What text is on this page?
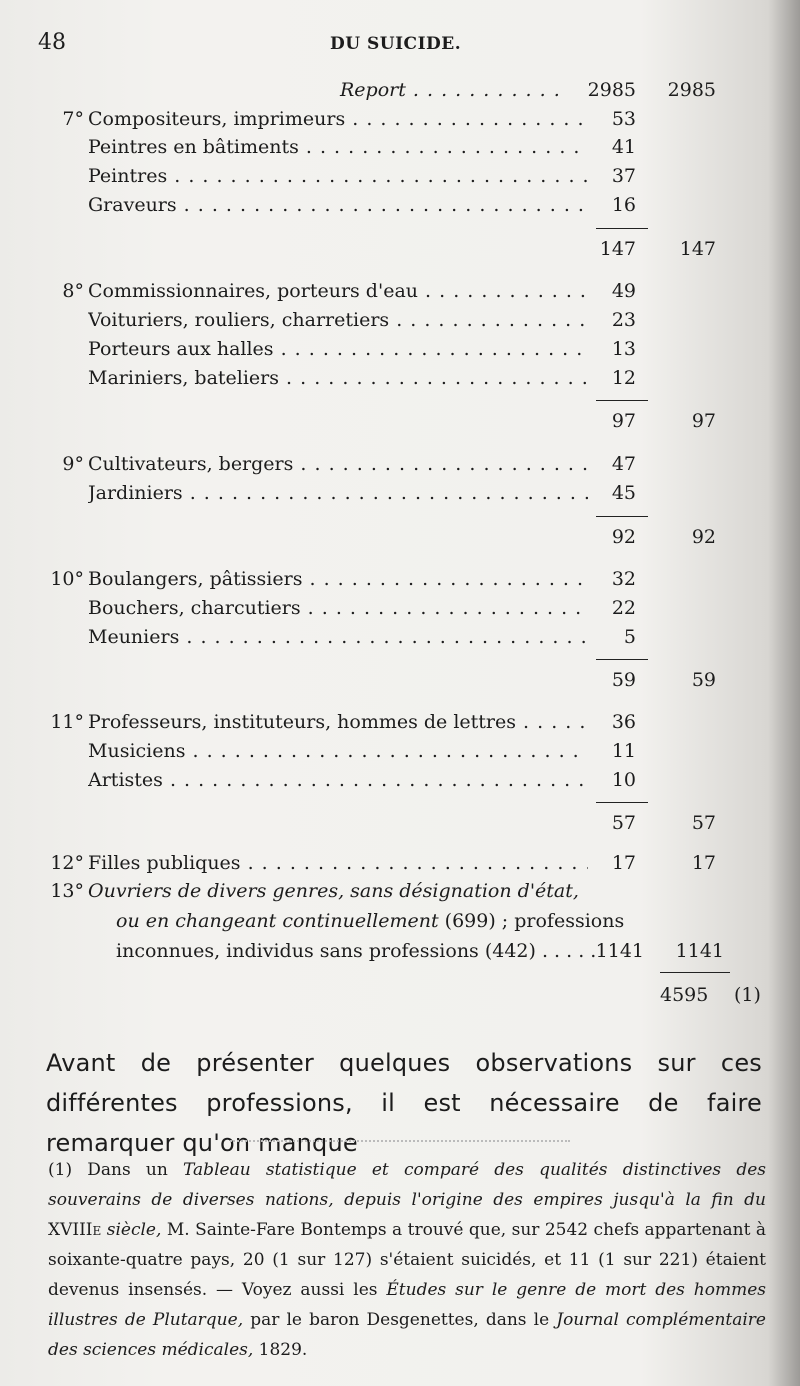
48	DU SUICIDE.
Report . . .	2985	2985
7° Compositeurs, imprimeurs . . .	53
Peintres en bâtiments . . .	41
Peintres . . .	37
Graveurs . . .	16
147	147
8° Commissionnaires, porteurs d'eau . . .	49
Voituriers, rouliers, charretiers . . .	23
Porteurs aux halles . . .	13
Mariniers, bateliers . . .	12
97	97
9° Cultivateurs, bergers . . .	47
Jardiniers . . .	45
92	92
10° Boulangers, pâtissiers . . .	32
Bouchers, charcutiers . . .	22
Meuniers . . .	5
59	59
11° Professeurs, instituteurs, hommes de lettres . . .	36
Musiciens . . .	11
Artistes . . .	10
57	57
12° Filles publiques . . .	17	17
13° Ouvriers de divers genres, sans désignation d'état,
ou en changeant continuellement (699) ; professions
inconnues, individus sans professions (442) . . . . . 1141	1141
4595 (1)
Avant de présenter quelques observations sur ces différentes professions, il est nécessaire de faire remarquer qu'on manque
(1) Dans un Tableau statistique et comparé des qualités distinctives des souverains de diverses nations, depuis l'origine des empires jusqu'à la fin du XVIIIe siècle, M. Sainte-Fare Bontemps a trouvé que, sur 2542 chefs appartenant à soixante-quatre pays, 20 (1 sur 127) s'étaient suicidés, et 11 (1 sur 221) étaient devenus insensés. — Voyez aussi les Études sur le genre de mort des hommes illustres de Plutarque, par le baron Desgenettes, dans le Journal complémentaire des sciences médicales, 1829.
